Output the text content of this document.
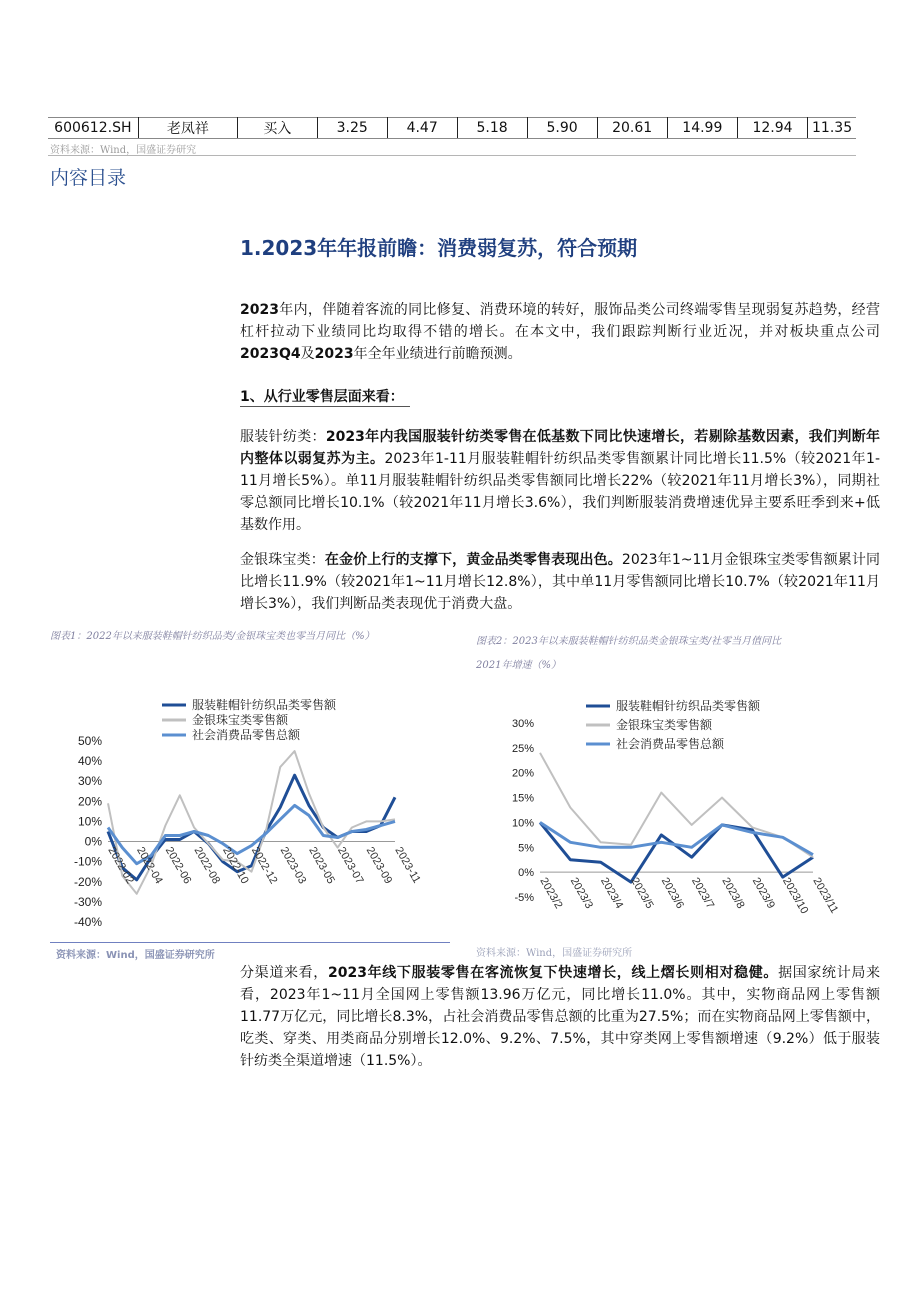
600612.SH	老凤祥	买入	3.25	4.47	5.18	5.90	20.61	14.99	12.94	11.35
资料来源：Wind，国盛证券研究
内容目录
1.2023年年报前瞻：消费弱复苏，符合预期
2023年内，伴随着客流的同比修复、消费环境的转好，服饰品类公司终端零售呈现弱复苏趋势，经营杠杆拉动下业绩同比均取得不错的增长。在本文中，我们跟踪判断行业近况，并对板块重点公司2023Q4及2023年全年业绩进行前瞻预测。
1、从行业零售层面来看：
服装针纺类：2023年内我国服装针纺类零售在低基数下同比快速增长，若剔除基数因素，我们判断年内整体以弱复苏为主。2023年1-11月服装鞋帽针纺织品类零售额累计同比增长11.5%（较2021年1-11月增长5%）。单11月服装鞋帽针纺织品类零售额同比增长22%（较2021年11月增长3%），同期社零总额同比增长10.1%（较2021年11月增长3.6%），我们判断服装消费增速优异主要系旺季到来+低基数作用。
金银珠宝类：在金价上行的支撑下，黄金品类零售表现出色。2023年1~11月金银珠宝类零售额累计同比增长11.9%（较2021年1~11月增长12.8%），其中单11月零售额同比增长10.7%（较2021年11月增长3%），我们判断品类表现优于消费大盘。
图表1：2022年以来服装鞋帽针纺织品类/金银珠宝类也零当月同比（%）
50%
40%
30%
20%
10%
0%
-10%
-20%
-30%
-40%
2022-02
2022-04
2022-06
2022-08
2022-10
2022-12
2023-03
2023-05
2023-07
2023-09
2023-11
服装鞋帽针纺织品类零售额
金银珠宝类零售额
社会消费品零售总额
资料来源：Wind，国盛证券研究所
图表2：2023年以来服装鞋帽针纺织品类金银珠宝类/社零当月值同比
2021年增速（%）
30%
25%
20%
15%
10%
5%
0%
-5% 2023/2 2023/3 2023/4 2023/5 2023/6 2023/7 2023/8 2023/9 2023/10 2023/11
服装鞋帽针纺织品类零售额
金银珠宝类零售额
社会消费品零售总额
资料来源：Wind，国盛证券研究所
分渠道来看，2023年线下服装零售在客流恢复下快速增长，线上熠长则相对稳健。据国家统计局来看，2023年1~11月全国网上零售额13.96万亿元，同比增长11.0%。其中，实物商品网上零售额11.77万亿元，同比增长8.3%，占社会消费品零售总额的比重为27.5%；而在实物商品网上零售额中，吃类、穿类、用类商品分别增长12.0%、9.2%、7.5%，其中穿类网上零售额增速（9.2%）低于服装针纺类全渠道增速（11.5%）。
